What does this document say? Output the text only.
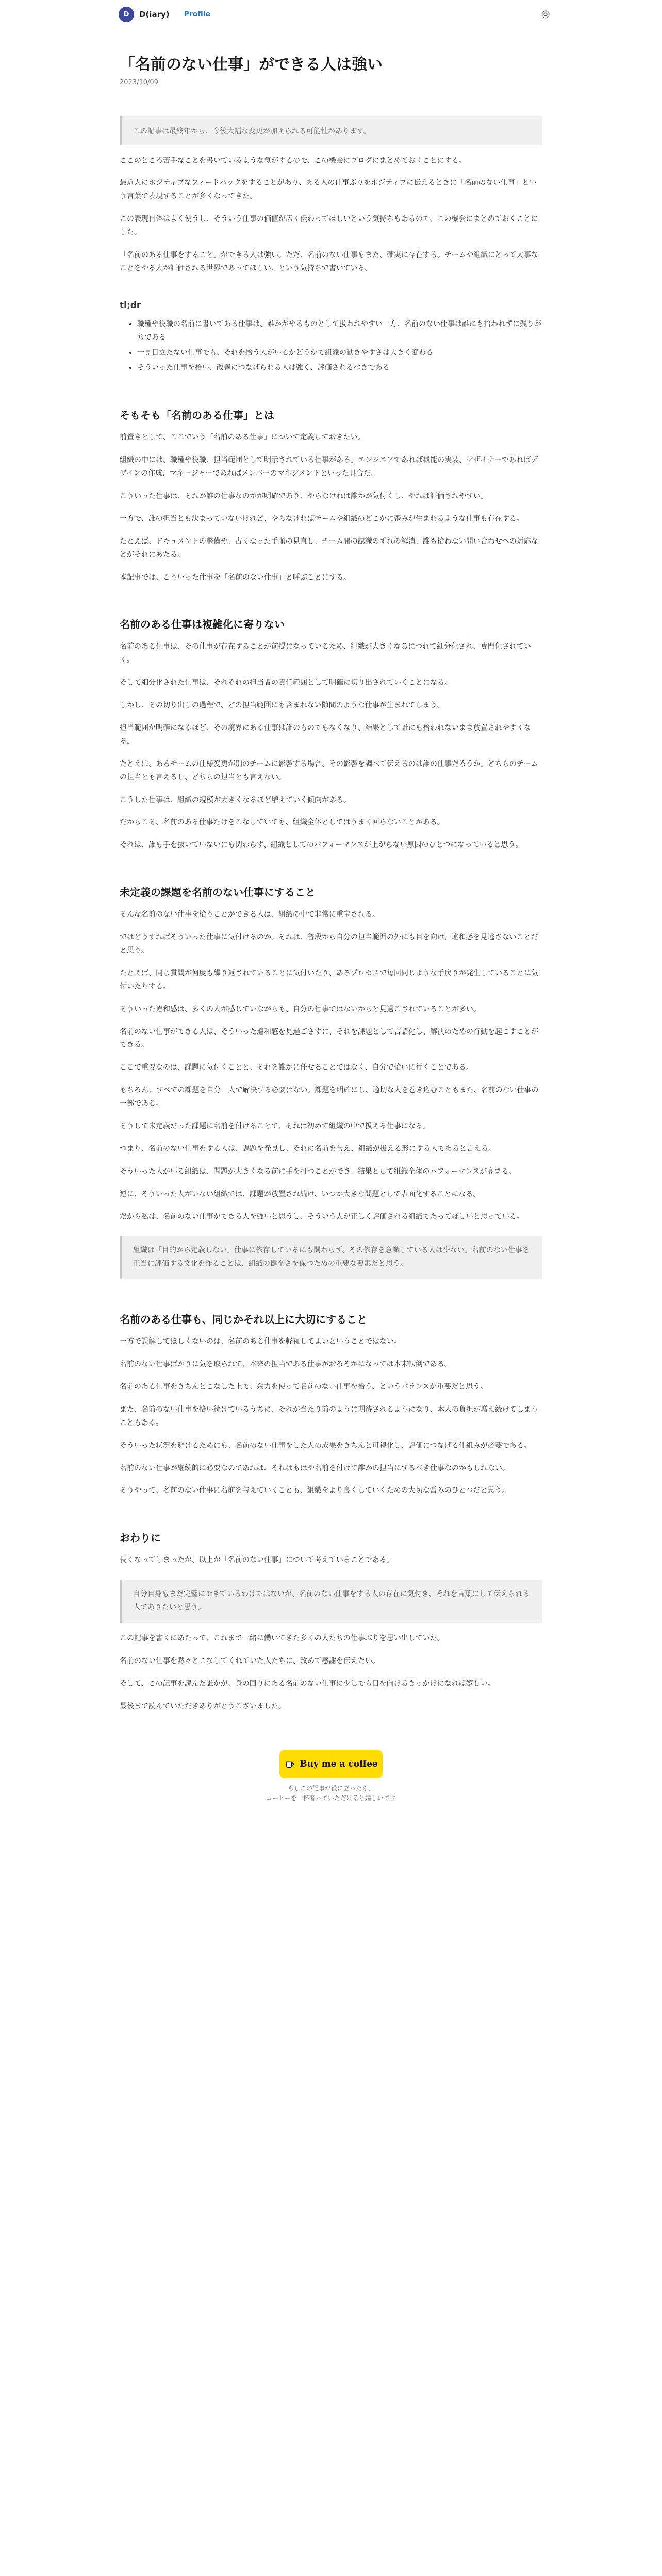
D D(iary) Profile
「名前のない仕事」ができる人は強い
2023/10/09
この記事は最終年から、今後大幅な変更が加えられる可能性があります。

ここのところ苦手なことを書いているような気がするので、この機会にブログにまとめておくことにする。

最近人にポジティブなフィードバックをすることがあり、ある人の仕事ぶりをポジティブに伝えるときに「名前のない仕事」という言葉で表現することが多くなってきた。

この表現自体はよく使うし、そういう仕事の価値が広く伝わってほしいという気持ちもあるので、この機会にまとめておくことにした。

「名前のある仕事をすること」ができる人は強い。ただ、名前のない仕事もまた、確実に存在する。チームや組織にとって大事なことをやる人が評価される世界であってほしい、という気持ちで書いている。

tl;dr
• 職種や役職の名前に書いてある仕事は、誰かがやるものとして扱われやすい一方、名前のない仕事は誰にも拾われずに残りがちである
• 一見目立たない仕事でも、それを拾う人がいるかどうかで組織の動きやすさは大きく変わる
• そういった仕事を拾い、改善につなげられる人は強く、評価されるべきである
そもそも「名前のある仕事」とは

前置きとして、ここでいう「名前のある仕事」について定義しておきたい。

組織の中には、職種や役職、担当範囲として明示されている仕事がある。エンジニアであれば機能の実装、デザイナーであればデザインの作成、マネージャーであればメンバーのマネジメントといった具合だ。

こういった仕事は、それが誰の仕事なのかが明確であり、やらなければ誰かが気付くし、やれば評価されやすい。

一方で、誰の担当とも決まっていないけれど、やらなければチームや組織のどこかに歪みが生まれるような仕事も存在する。

たとえば、ドキュメントの整備や、古くなった手順の見直し、チーム間の認識のずれの解消、誰も拾わない問い合わせへの対応などがそれにあたる。

本記事では、こういった仕事を「名前のない仕事」と呼ぶことにする。

名前のある仕事は複雑化に寄りない

名前のある仕事は、その仕事が存在することが前提になっているため、組織が大きくなるにつれて細分化され、専門化されていく。

そして細分化された仕事は、それぞれの担当者の責任範囲として明確に切り出されていくことになる。

しかし、その切り出しの過程で、どの担当範囲にも含まれない隙間のような仕事が生まれてしまう。

担当範囲が明確になるほど、その境界にある仕事は誰のものでもなくなり、結果として誰にも拾われないまま放置されやすくなる。

たとえば、あるチームの仕様変更が別のチームに影響する場合、その影響を調べて伝えるのは誰の仕事だろうか。どちらのチームの担当とも言えるし、どちらの担当とも言えない。

こうした仕事は、組織の規模が大きくなるほど増えていく傾向がある。

だからこそ、名前のある仕事だけをこなしていても、組織全体としてはうまく回らないことがある。

それは、誰も手を抜いていないにも関わらず、組織としてのパフォーマンスが上がらない原因のひとつになっていると思う。

未定義の課題を名前のない仕事にすること

そんな名前のない仕事を拾うことができる人は、組織の中で非常に重宝される。

ではどうすればそういった仕事に気付けるのか。それは、普段から自分の担当範囲の外にも目を向け、違和感を見逃さないことだと思う。

たとえば、同じ質問が何度も繰り返されていることに気付いたり、あるプロセスで毎回同じような手戻りが発生していることに気付いたりする。

そういった違和感は、多くの人が感じていながらも、自分の仕事ではないからと見過ごされていることが多い。

名前のない仕事ができる人は、そういった違和感を見過ごさずに、それを課題として言語化し、解決のための行動を起こすことができる。

ここで重要なのは、課題に気付くことと、それを誰かに任せることではなく、自分で拾いに行くことである。

もちろん、すべての課題を自分一人で解決する必要はない。課題を明確にし、適切な人を巻き込むこともまた、名前のない仕事の一部である。

そうして未定義だった課題に名前を付けることで、それは初めて組織の中で扱える仕事になる。

つまり、名前のない仕事をする人は、課題を発見し、それに名前を与え、組織が扱える形にする人であると言える。

そういった人がいる組織は、問題が大きくなる前に手を打つことができ、結果として組織全体のパフォーマンスが高まる。

逆に、そういった人がいない組織では、課題が放置され続け、いつか大きな問題として表面化することになる。

だから私は、名前のない仕事ができる人を強いと思うし、そういう人が正しく評価される組織であってほしいと思っている。

組織は「目的から定義しない」仕事に依存しているにも関わらず、その依存を意識している人は少ない。名前のない仕事を正当に評価する文化を作ることは、組織の健全さを保つための重要な要素だと思う。
名前のある仕事も、同じかそれ以上に大切にすること

一方で誤解してほしくないのは、名前のある仕事を軽視してよいということではない。

名前のない仕事ばかりに気を取られて、本来の担当である仕事がおろそかになっては本末転倒である。

名前のある仕事をきちんとこなした上で、余力を使って名前のない仕事を拾う、というバランスが重要だと思う。

また、名前のない仕事を拾い続けているうちに、それが当たり前のように期待されるようになり、本人の負担が増え続けてしまうこともある。

そういった状況を避けるためにも、名前のない仕事をした人の成果をきちんと可視化し、評価につなげる仕組みが必要である。

名前のない仕事が継続的に必要なのであれば、それはもはや名前を付けて誰かの担当にするべき仕事なのかもしれない。

そうやって、名前のない仕事に名前を与えていくことも、組織をより良くしていくための大切な営みのひとつだと思う。

おわりに

長くなってしまったが、以上が「名前のない仕事」について考えていることである。

自分自身もまだ完璧にできているわけではないが、名前のない仕事をする人の存在に気付き、それを言葉にして伝えられる人でありたいと思う。

この記事を書くにあたって、これまで一緒に働いてきた多くの人たちの仕事ぶりを思い出していた。

名前のない仕事を黙々とこなしてくれていた人たちに、改めて感謝を伝えたい。

そして、この記事を読んだ誰かが、身の回りにある名前のない仕事に少しでも目を向けるきっかけになれば嬉しい。

最後まで読んでいただきありがとうございました。

Buy me a coffee
もしこの記事が役に立ったら、
コーヒーを一杯奢っていただけると嬉しいです
